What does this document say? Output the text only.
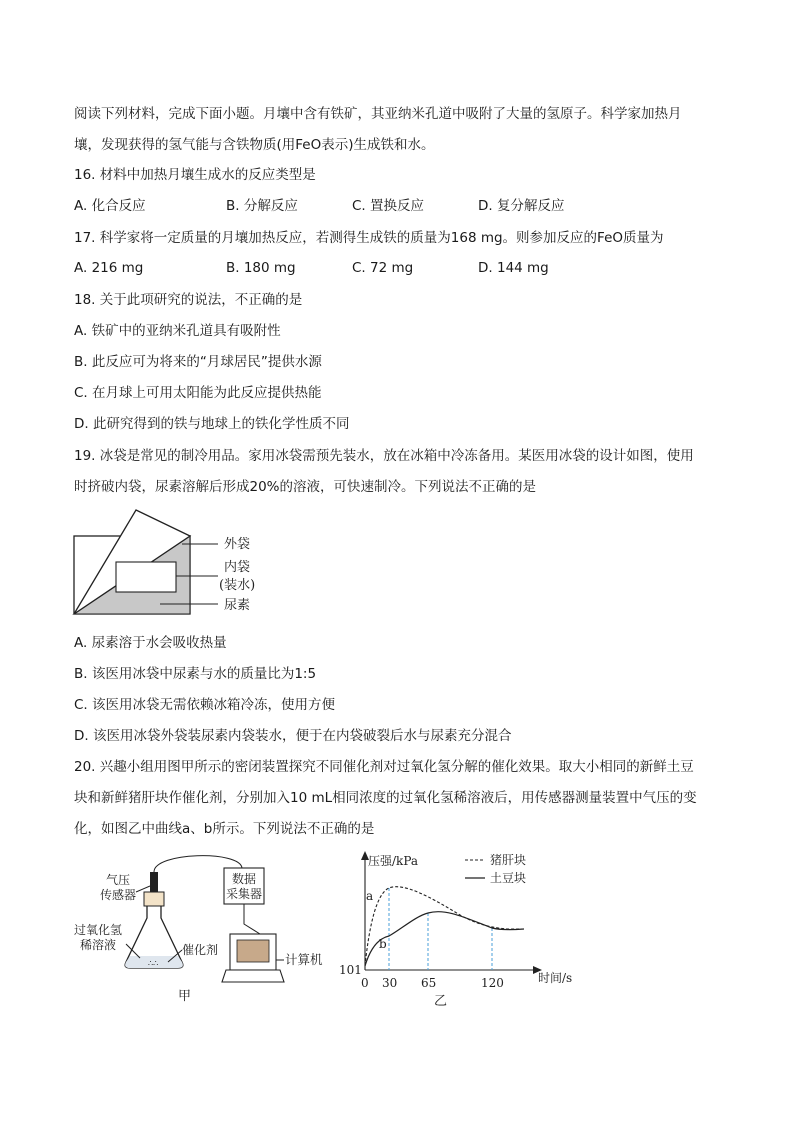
阅读下列材料，完成下面小题。月壤中含有铁矿，其亚纳米孔道中吸附了大量的氢原子。科学家加热月
壤，发现获得的氢气能与含铁物质(用FeO表示)生成铁和水。
16. 材料中加热月壤生成水的反应类型是
A. 化合反应	B. 分解反应	C. 置换反应	D. 复分解反应
17. 科学家将一定质量的月壤加热反应，若测得生成铁的质量为168 mg。则参加反应的FeO质量为
A. 216 mg	B. 180 mg	C. 72 mg	D. 144 mg
18. 关于此项研究的说法，不正确的是
A. 铁矿中的亚纳米孔道具有吸附性
B. 此反应可为将来的“月球居民”提供水源
C. 在月球上可用太阳能为此反应提供热能
D. 此研究得到的铁与地球上的铁化学性质不同
19. 冰袋是常见的制冷用品。家用冰袋需预先装水，放在冰箱中冷冻备用。某医用冰袋的设计如图，使用
时挤破内袋，尿素溶解后形成20%的溶液，可快速制冷。下列说法不正确的是
外袋
内袋
(装水)
尿素
A. 尿素溶于水会吸收热量
B. 该医用冰袋中尿素与水的质量比为1:5
C. 该医用冰袋无需依赖冰箱冷冻，使用方便
D. 该医用冰袋外袋装尿素内袋装水，便于在内袋破裂后水与尿素充分混合
20. 兴趣小组用图甲所示的密闭装置探究不同催化剂对过氧化氢分解的催化效果。取大小相同的新鲜土豆
块和新鲜猪肝块作催化剂，分别加入10 mL相同浓度的过氧化氢稀溶液后，用传感器测量装置中气压的变
化，如图乙中曲线a、b所示。下列说法不正确的是
∴∴
数据
采集器
计算机
气压
传感器
过氧化氢
稀溶液	催化剂
甲
压强/kPa
时间/s
猪肝块
土豆块
a
b
101
0 30 65	120
乙
